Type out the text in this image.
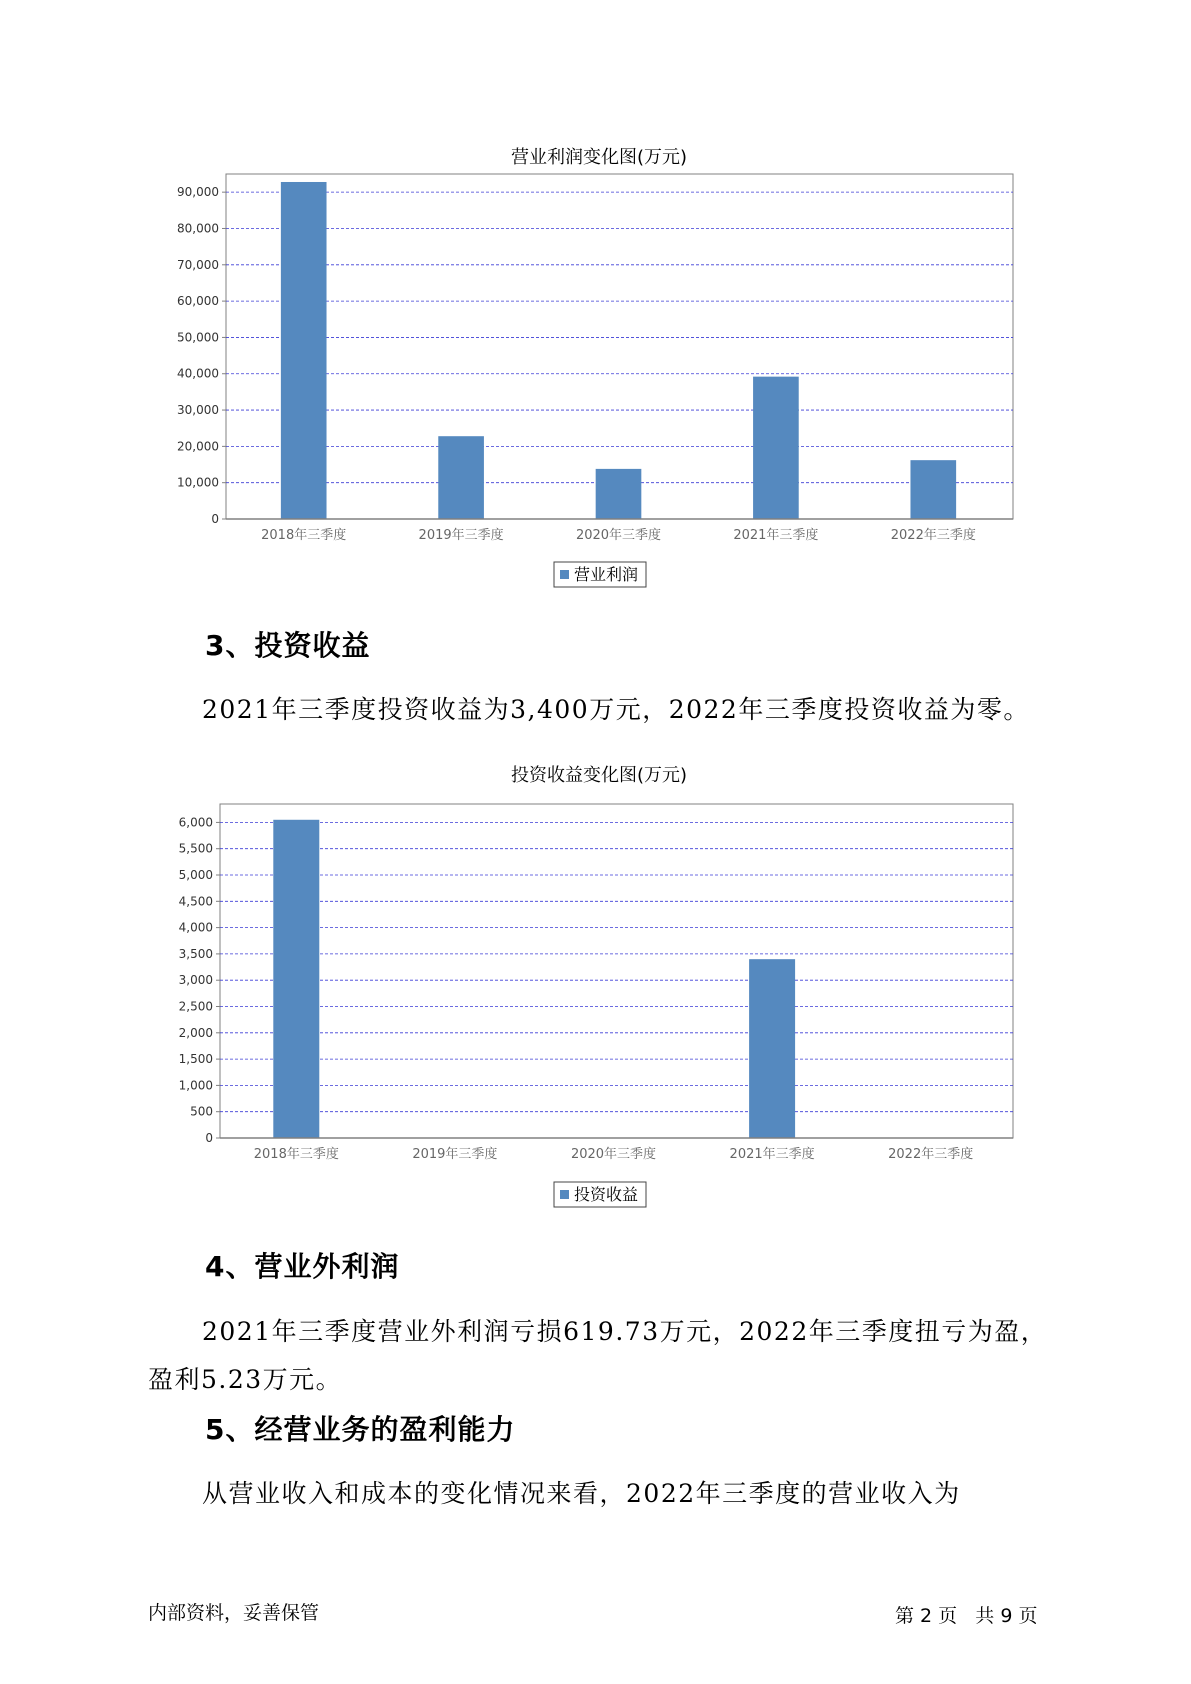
营业利润变化图(万元)
0
10,000
20,000
30,000
40,000
50,000
60,000
70,000
80,000
90,000
2018年三季度	2019年三季度	2020年三季度	2021年三季度	2022年三季度
营业利润
投资收益变化图(万元)
0
500
1,000
1,500
2,000
2,500
3,000
3,500
4,000
4,500
5,000
5,500
6,000
2018年三季度	2019年三季度	2020年三季度	2021年三季度	2022年三季度
投资收益

3、投资收益

2021年三季度投资收益为3,400万元，2022年三季度投资收益为零。

4、营业外利润

2021年三季度营业外利润亏损619.73万元，2022年三季度扭亏为盈，

盈利5.23万元。

5、经营业务的盈利能力

从营业收入和成本的变化情况来看，2022年三季度的营业收入为

内部资料，妥善保管	第 2 页   共 9 页
